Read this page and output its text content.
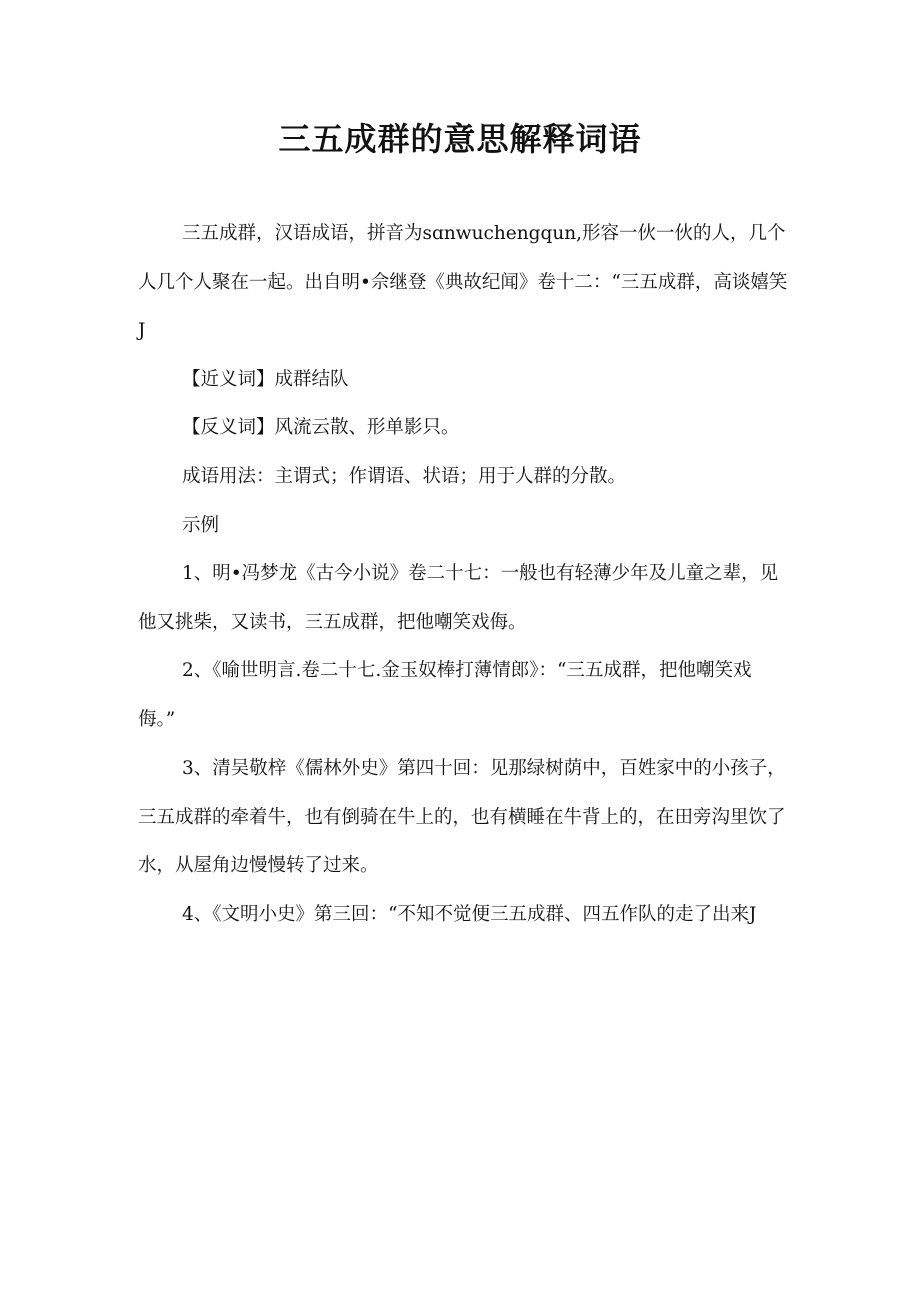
三五成群的意思解释词语

三五成群，汉语成语，拼音为sɑnwuchengqun,形容一伙一伙的人，几个人几个人聚在一起。出自明•佘继登《典故纪闻》卷十二：“三五成群，高谈嬉笑J

【近义词】成群结队

【反义词】风流云散、形单影只。

成语用法：主谓式；作谓语、状语；用于人群的分散。

示例

1、明•冯梦龙《古今小说》卷二十七：一般也有轻薄少年及儿童之辈，见他又挑柴，又读书，三五成群，把他嘲笑戏侮。

2、《喻世明言.卷二十七.金玉奴棒打薄情郎》：“三五成群，把他嘲笑戏侮。”

3、清吴敬梓《儒林外史》第四十回：见那绿树荫中，百姓家中的小孩子，三五成群的牵着牛，也有倒骑在牛上的，也有横睡在牛背上的，在田旁沟里饮了水，从屋角边慢慢转了过来。

4、《文明小史》第三回：“不知不觉便三五成群、四五作队的走了出来J
